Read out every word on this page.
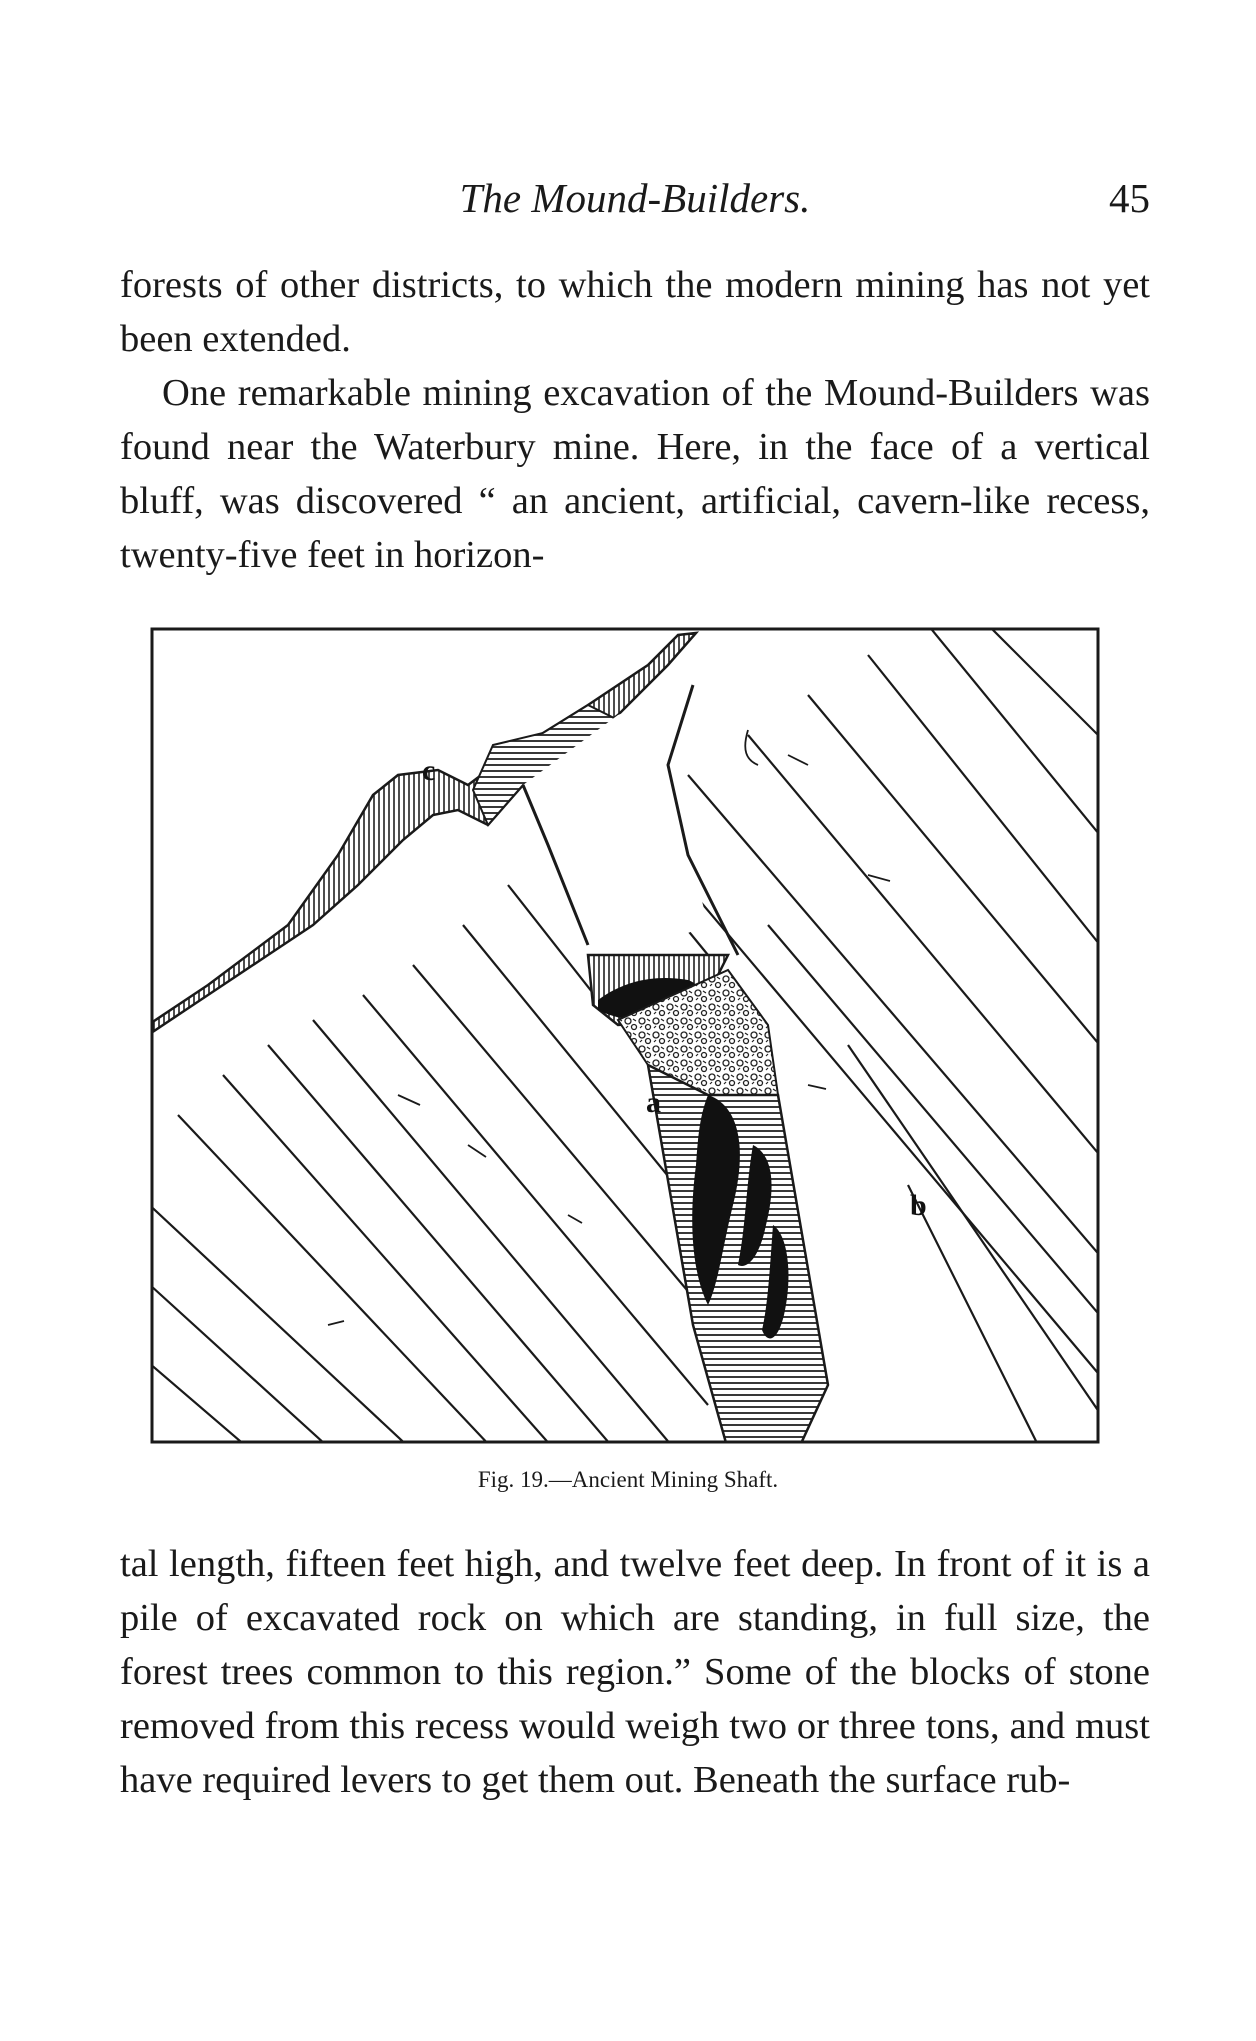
The Mound-Builders.	45

forests of other districts, to which the modern mining has not yet been extended.

One remarkable mining excavation of the Mound-Builders was found near the Waterbury mine. Here, in the face of a vertical bluff, was discovered “ an ancient, artificial, cavern-like recess, twenty-five feet in horizon-

c
a
b
Fig. 19.—Ancient Mining Shaft.

tal length, fifteen feet high, and twelve feet deep. In front of it is a pile of excavated rock on which are standing, in full size, the forest trees common to this region.” Some of the blocks of stone removed from this recess would weigh two or three tons, and must have required levers to get them out. Beneath the surface rub-
